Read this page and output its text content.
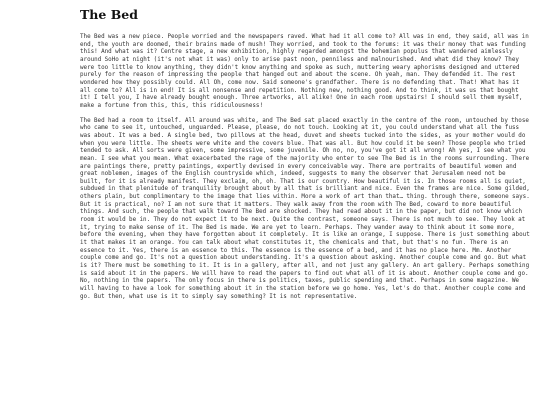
The Bed

The Bed was a new piece. People worried and the newspapers raved. What had it all come to? All was in end, they said, all was in end, the youth are doomed, their brains made of mush! They worried, and took to the forums: it was their money that was funding this! And what was it? Centre stage, a new exhibition, highly regarded amongst the bohemian populus that wandered aimlessly around SoHo at night (it's not what it was) only to arise past noon, penniless and malnourished. And what did they know? They were too little to know anything, they didn't know anything and spoke as such, muttering weary aphorisms designed and uttered purely for the reason of impressing the people that hanged out and about the scene. Oh yeah, man. They defended it. The rest wondered how they possibly could. All Oh, come now. Said someone's grandfather. There is no defending that. That! What has it all come to? All is in end! It is all nonsense and repetition. Nothing new, nothing good. And to think, it was us that bought it! I tell you, I have already bought enough. Three artworks, all alike! One in each room upstairs! I should sell them myself, make a fortune from this, this, this ridiculousness!

The Bed had a room to itself. All around was white, and The Bed sat placed exactly in the centre of the room, untouched by those who came to see it, untouched, unguarded. Please, please, do not touch. Looking at it, you could understand what all the fuss was about. It was a bed. A single bed, two pillows at the head, duvet and sheets tucked into the sides, as your mother would do when you were little. The sheets were white and the covers blue. That was all. But how could it be seen? Those people who tried tended to ask. All sorts were given, some impressive, some juvenile. Oh no, no, you've got it all wrong! Ah yes, I see what you mean. I see what you mean. What exacerbated the rage of the majority who enter to see The Bed is in the rooms surrounding. There are paintings there, pretty paintings, expertly devised in every conceivable way. There are portraits of beautiful women and great noblemen, images of the English countryside which, indeed, suggests to many the observer that Jerusalem need not be built, for it is already manifest. They exclaim, oh, oh. That is our country. How beautiful it is. In those rooms all is quiet, subdued in that plenitude of tranquility brought about by all that is brilliant and nice. Even the frames are nice. Some gilded, others plain, but complimentary to the image that lies within. More a work of art than that… thing. through there, someone says. But it is practical, no? I am not sure that it matters. They walk away from the room with The Bed, coward to more beautiful things. And such, the people that walk toward The Bed are shocked. They had read about it in the paper, but did not know which room it would be in. They do not expect it to be next. Quite the contrast, someone says. There is not much to see. They look at it, trying to make sense of it. The Bed is made. We are yet to learn. Perhaps. They wander away to think about it some more, before the evening, when they have forgotten about it completely. It is like an orange, I suppose. There is just something about it that makes it an orange. You can talk about what constitutes it, the chemicals and that, but that's no fun. There is an essence to it. Yes, there is an essence to this. The essence is the essence of a bed, and it has no place here. Mm. Another couple come and go. It's not a question about understanding. It's a question about asking. Another couple come and go. But what is it? There must be something to it. It is in a gallery, after all, and not just any gallery. An art gallery. Perhaps something is said about it in the papers. We will have to read the papers to find out what all of it is about. Another couple come and go. No, nothing in the papers. The only focus in there is politics, taxes, public spending and that. Perhaps in some magazine. We will having to have a look for something about it in the station before we go home. Yes, let's do that. Another couple come and go. But then, what use is it to simply say something? It is not representative.
